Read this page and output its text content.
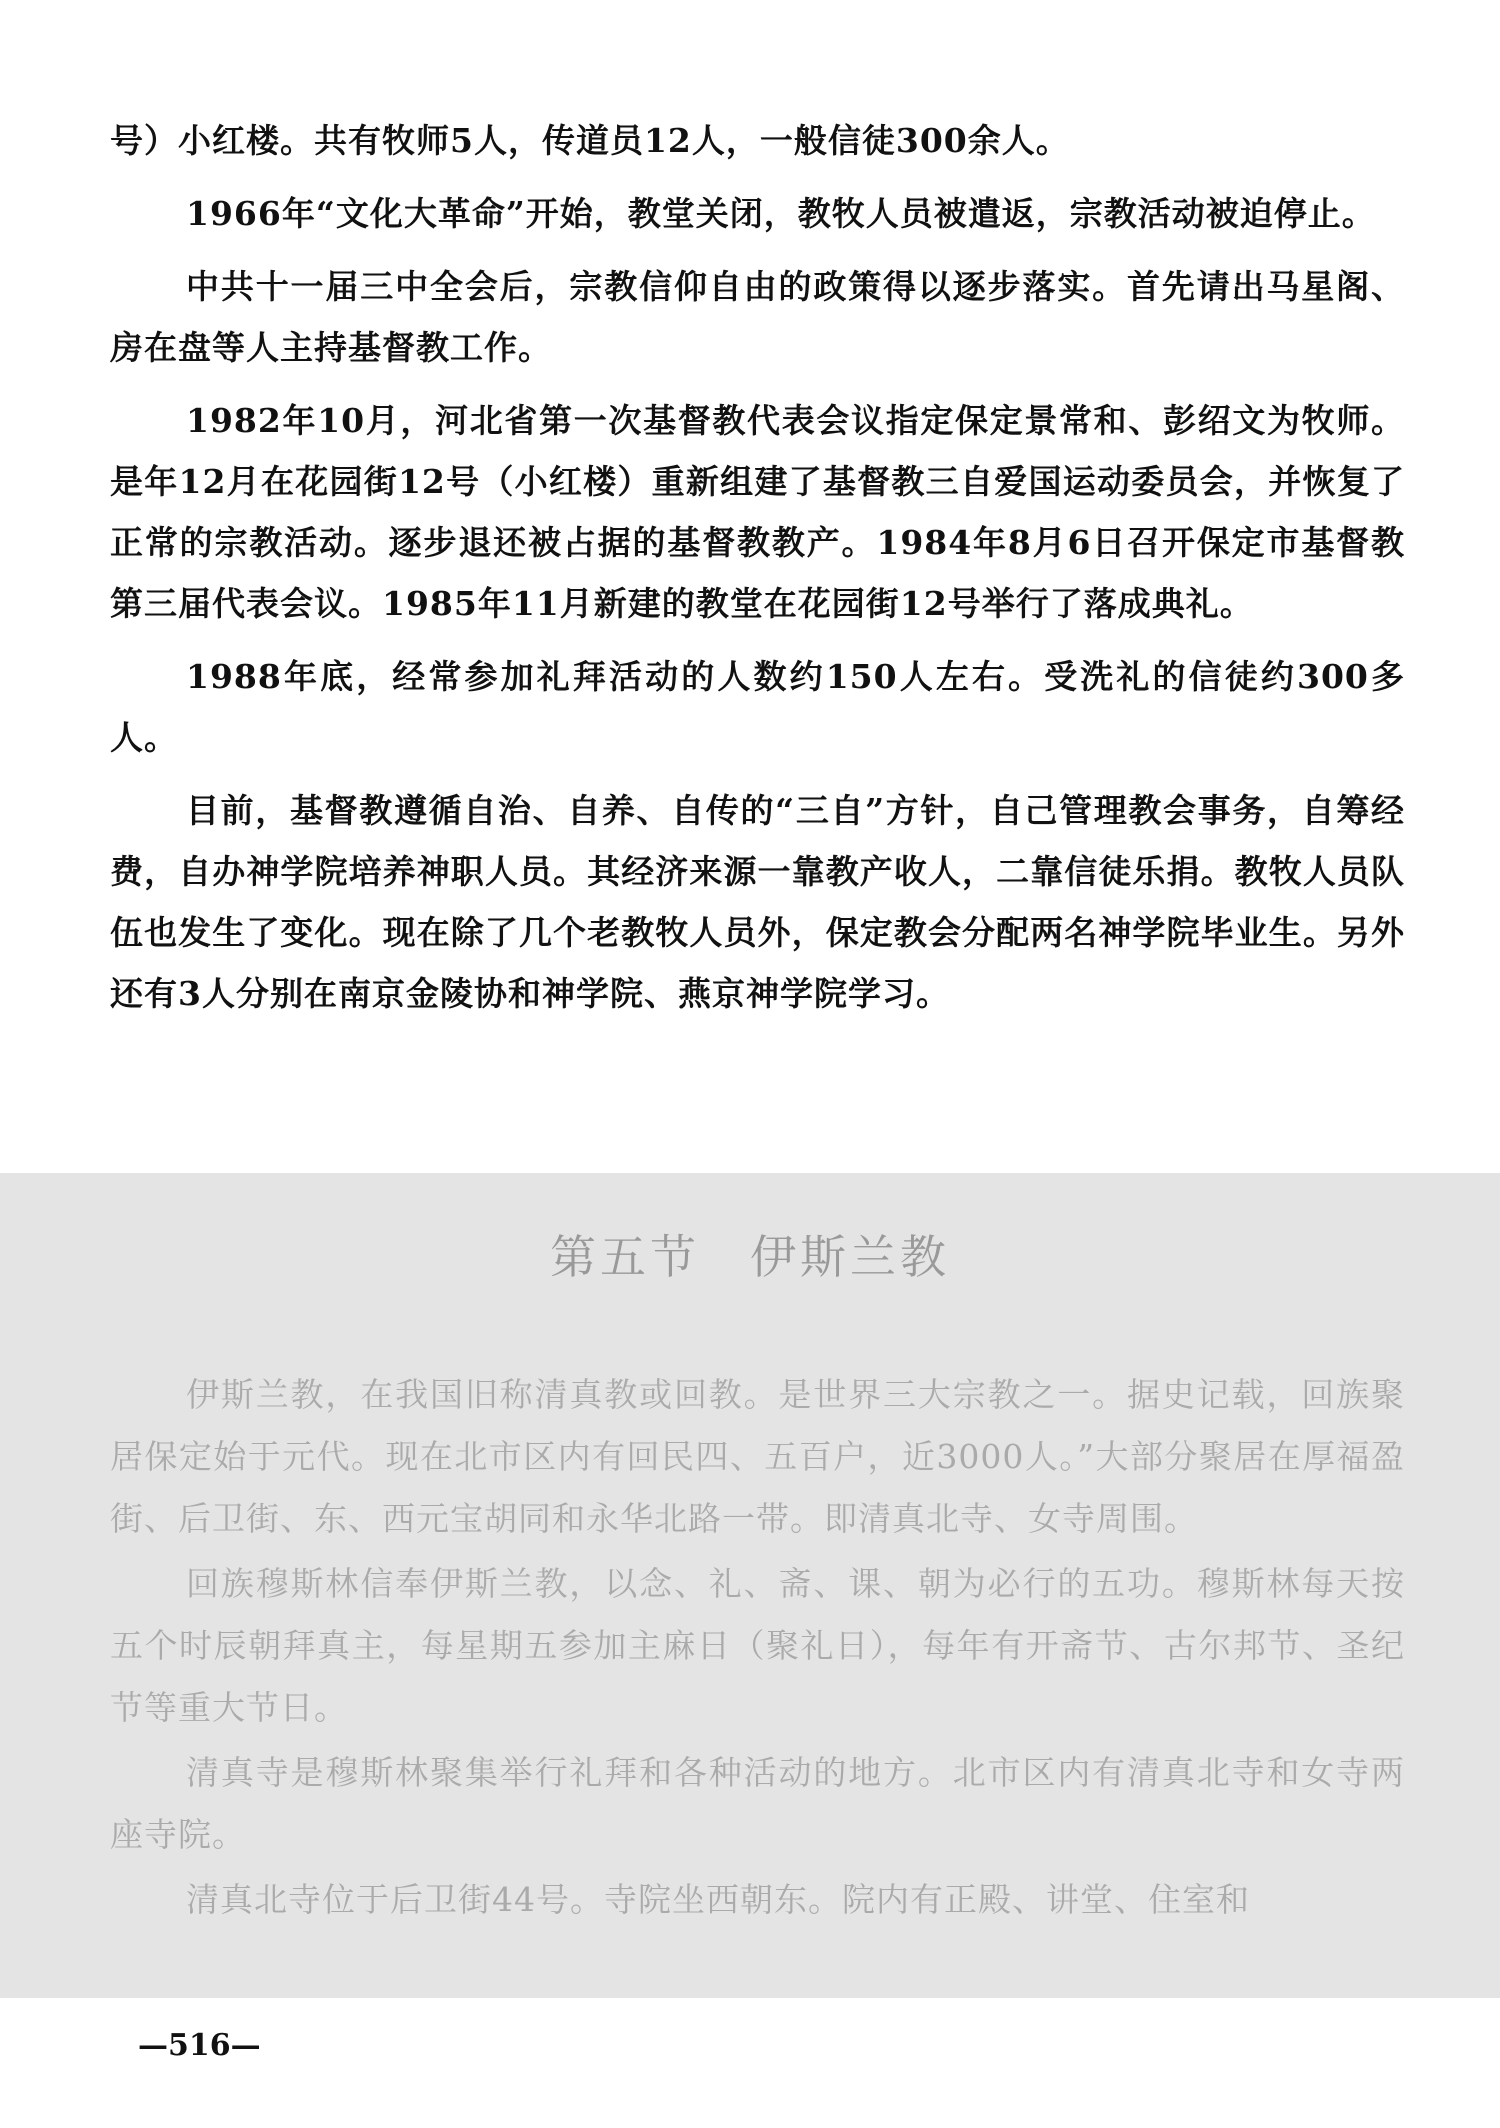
号）小红楼。共有牧师5人，传道员12人，一般信徒300余人。

1966年“文化大革命”开始，教堂关闭，教牧人员被遣返，宗教活动被迫停止。

中共十一届三中全会后，宗教信仰自由的政策得以逐步落实。首先请出马星阁、房在盘等人主持基督教工作。

1982年10月，河北省第一次基督教代表会议指定保定景常和、彭绍文为牧师。是年12月在花园街12号（小红楼）重新组建了基督教三自爱国运动委员会，并恢复了正常的宗教活动。逐步退还被占据的基督教教产。1984年8月6日召开保定市基督教第三届代表会议。1985年11月新建的教堂在花园街12号举行了落成典礼。

1988年底，经常参加礼拜活动的人数约150人左右。受洗礼的信徒约300多人。

目前，基督教遵循自治、自养、自传的“三自”方针，自己管理教会事务，自筹经费，自办神学院培养神职人员。其经济来源一靠教产收人，二靠信徒乐捐。教牧人员队伍也发生了变化。现在除了几个老教牧人员外，保定教会分配两名神学院毕业生。另外还有3人分别在南京金陵协和神学院、燕京神学院学习。

第五节 伊斯兰教

伊斯兰教，在我国旧称清真教或回教。是世界三大宗教之一。据史记载，回族聚居保定始于元代。现在北市区内有回民四、五百户，近3000人。”大部分聚居在厚福盈街、后卫街、东、西元宝胡同和永华北路一带。即清真北寺、女寺周围。

回族穆斯林信奉伊斯兰教，以念、礼、斋、课、朝为必行的五功。穆斯林每天按五个时辰朝拜真主，每星期五参加主麻日（聚礼日），每年有开斋节、古尔邦节、圣纪节等重大节日。

清真寺是穆斯林聚集举行礼拜和各种活动的地方。北市区内有清真北寺和女寺两座寺院。

清真北寺位于后卫街44号。寺院坐西朝东。院内有正殿、讲堂、住室和

—516—
